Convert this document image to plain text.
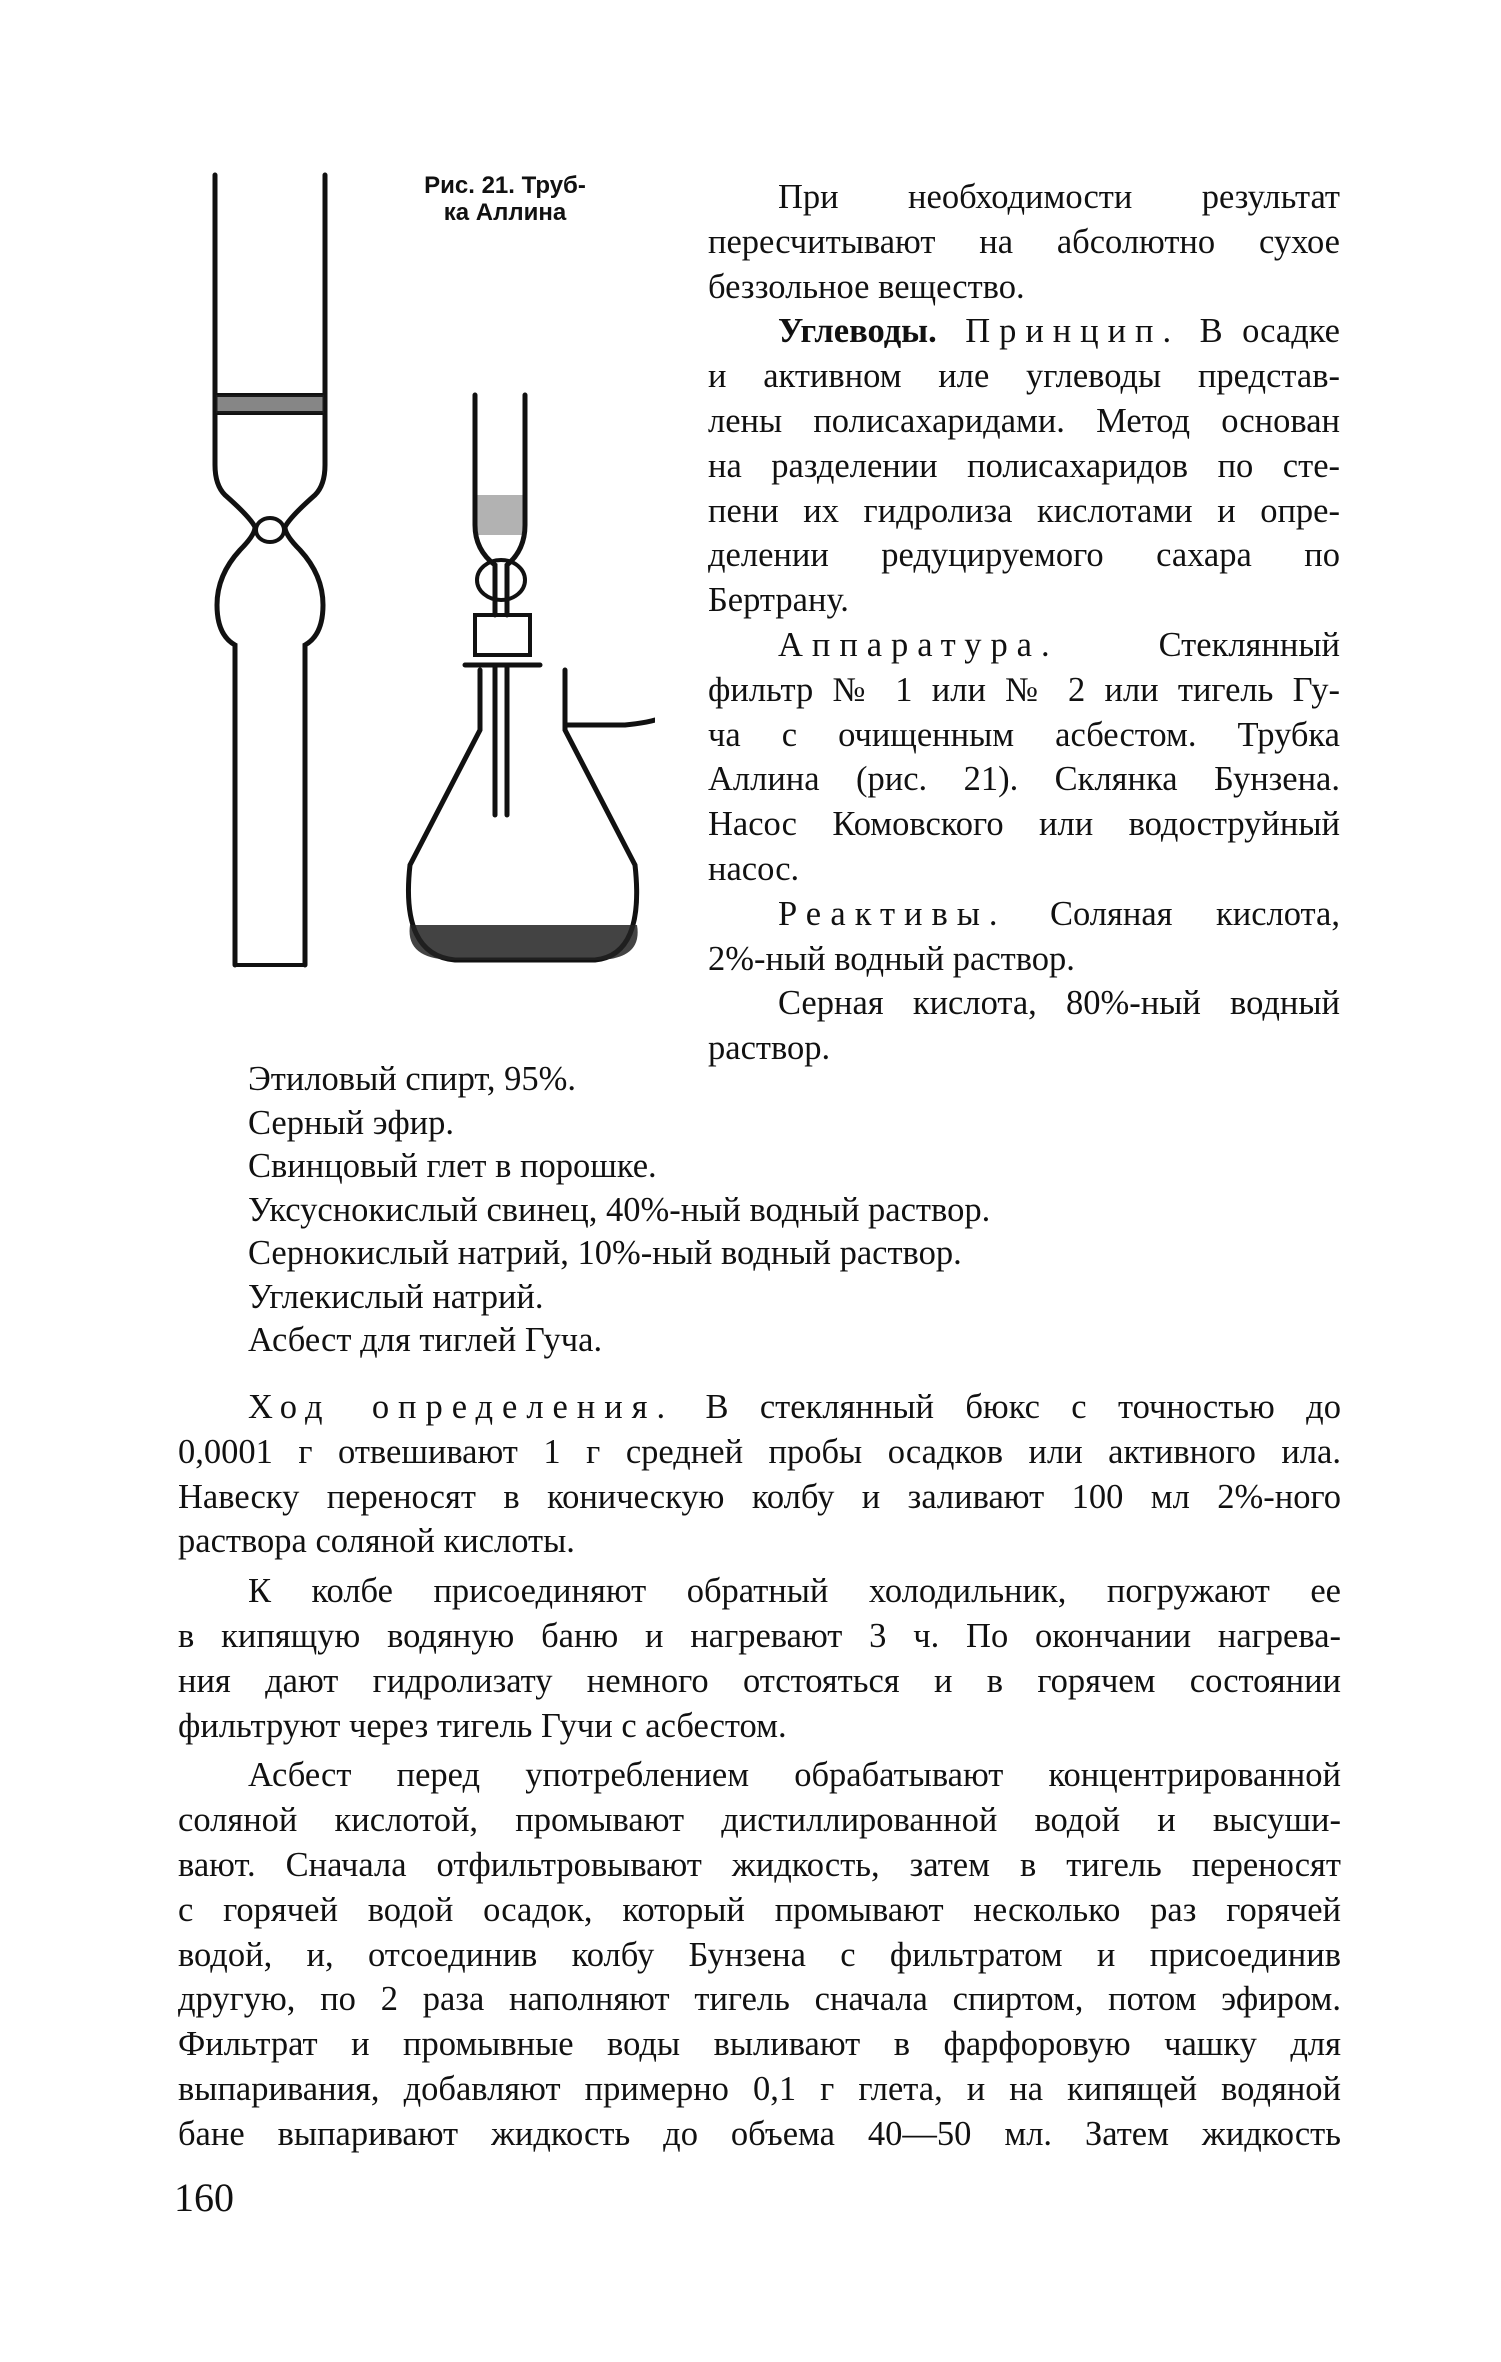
Рис. 21. Труб-
ка Аллина	При необходимости результат
пересчитывают на абсолютно сухое
беззольное вещество.
Углеводы. Принцип. В осадке
и активном иле углеводы представ-
лены полисахаридами. Метод основан
на разделении полисахаридов по сте-
пени их гидролиза кислотами и опре-
делении редуцируемого сахара по
Бертрану.
Аппаратура. Стеклянный
фильтр № 1 или № 2 или тигель Гу-
ча с очищенным асбестом. Трубка
Аллина (рис. 21). Склянка Бунзена.
Насос Комовского или водоструйный
насос.
Реактивы. Соляная кислота,
2%-ный водный раствор.
Серная кислота, 80%-ный водный
раствор.
Этиловый спирт, 95%.
Серный эфир.
Свинцовый глет в порошке.
Уксуснокислый свинец, 40%-ный водный раствор.
Сернокислый натрий, 10%-ный водный раствор.
Углекислый натрий.
Асбест для тиглей Гуча.
Ход определения. В стеклянный бюкс с точностью до
0,0001 г отвешивают 1 г средней пробы осадков или активного ила.
Навеску переносят в коническую колбу и заливают 100 мл 2%-ного
раствора соляной кислоты.
К колбе присоединяют обратный холодильник, погружают ее
в кипящую водяную баню и нагревают 3 ч. По окончании нагрева-
ния дают гидролизату немного отстояться и в горячем состоянии
фильтруют через тигель Гучи с асбестом.
Асбест перед употреблением обрабатывают концентрированной
соляной кислотой, промывают дистиллированной водой и высуши-
вают. Сначала отфильтровывают жидкость, затем в тигель переносят
с горячей водой осадок, который промывают несколько раз горячей
водой, и, отсоединив колбу Бунзена с фильтратом и присоединив
другую, по 2 раза наполняют тигель сначала спиртом, потом эфиром.
Фильтрат и промывные воды выливают в фарфоровую чашку для
выпаривания, добавляют примерно 0,1 г глета, и на кипящей водяной
бане выпаривают жидкость до объема 40—50 мл. Затем жидкость
160
